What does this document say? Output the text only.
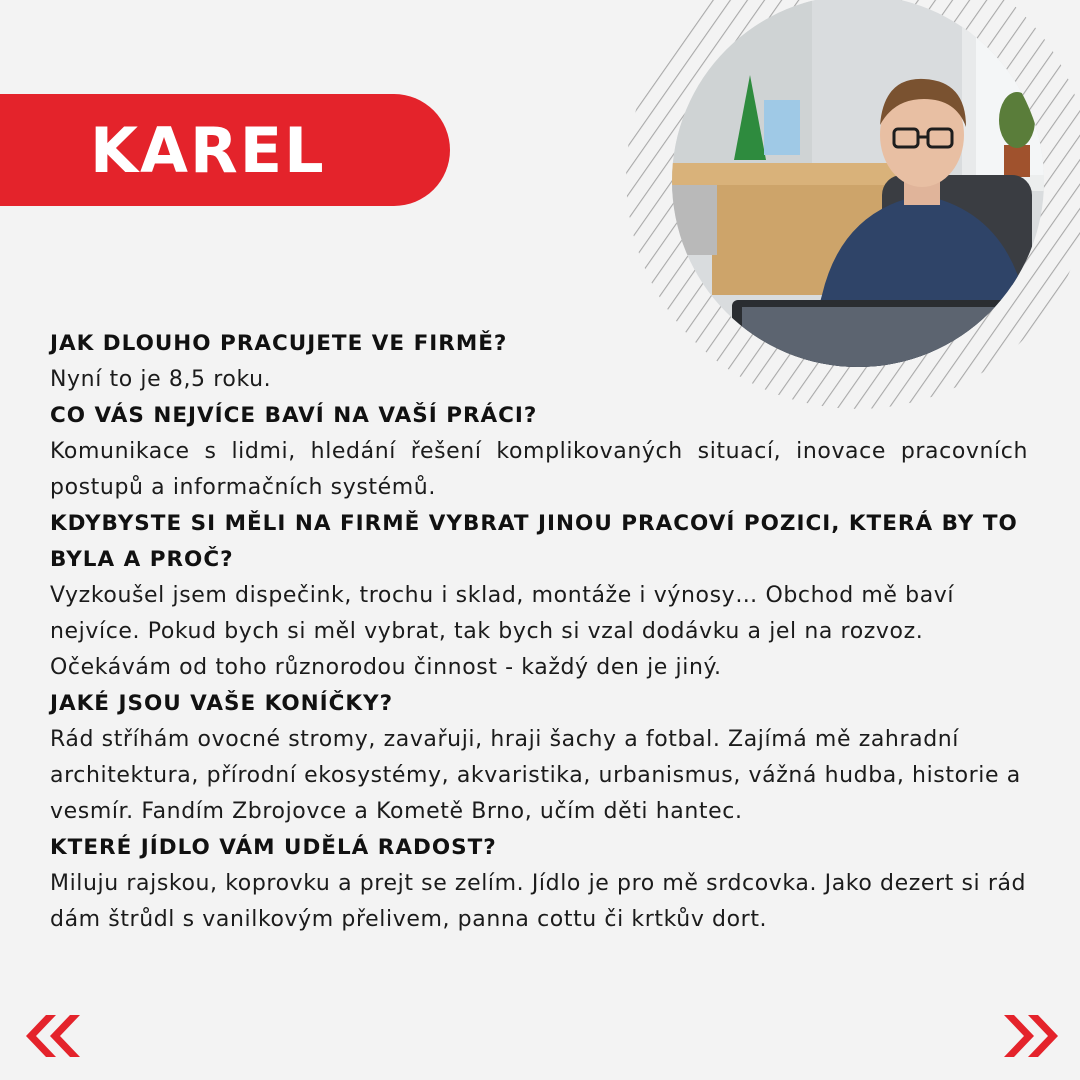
KAREL

JAK DLOUHO PRACUJETE VE FIRMĚ?

Nyní to je 8,5 roku.

CO VÁS NEJVÍCE BAVÍ NA VAŠÍ PRÁCI?

Komunikace s lidmi, hledání řešení komplikovaných situací, inovace pracovních postupů a informačních systémů.

KDYBYSTE SI MĚLI NA FIRMĚ VYBRAT JINOU PRACOVÍ POZICI, KTERÁ BY TO BYLA A PROČ?

Vyzkoušel jsem dispečink, trochu i sklad, montáže i výnosy… Obchod mě baví nejvíce. Pokud bych si měl vybrat, tak bych si vzal dodávku a jel na rozvoz. Očekávám od toho různorodou činnost - každý den je jiný.

JAKÉ JSOU VAŠE KONÍČKY?

Rád stříhám ovocné stromy, zavařuji, hraji šachy a fotbal. Zajímá mě zahradní architektura, přírodní ekosystémy, akvaristika, urbanismus, vážná hudba, historie a vesmír. Fandím Zbrojovce a Kometě Brno, učím děti hantec.

KTERÉ JÍDLO VÁM UDĚLÁ RADOST?

Miluju rajskou, koprovku a prejt se zelím. Jídlo je pro mě srdcovka. Jako dezert si rád dám štrůdl s vanilkovým přelivem, panna cottu či krtkův dort.
